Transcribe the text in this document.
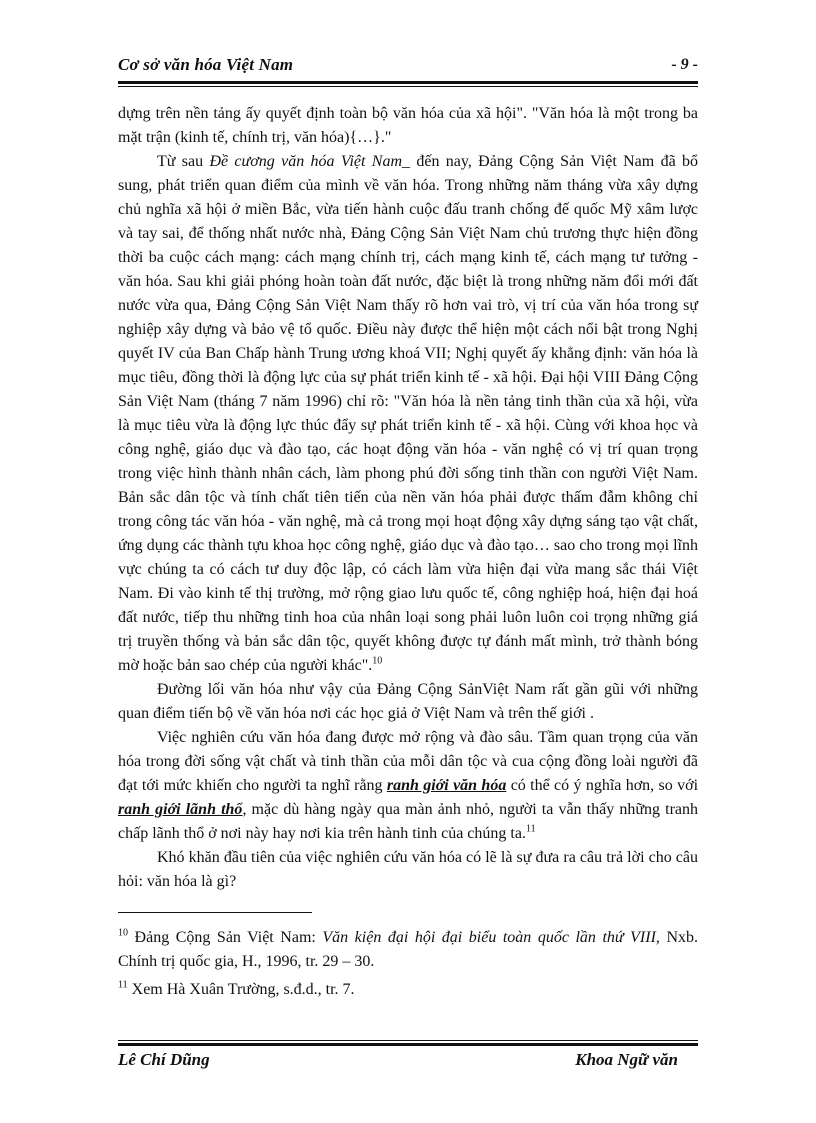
Cơ sở văn hóa Việt Nam	- 9 -

dựng trên nền tảng ấy quyết định toàn bộ văn hóa của xã hội". "Văn hóa là một trong ba mặt trận (kinh tế, chính trị, văn hóa){…}."

Từ sau Đề cương văn hóa Việt Nam_ đến nay, Đảng Cộng Sản Việt Nam đã bổ sung, phát triển quan điểm của mình về văn hóa. Trong những năm tháng vừa xây dựng chủ nghĩa xã hội ở miền Bắc, vừa tiến hành cuộc đấu tranh chống đế quốc Mỹ xâm lược và tay sai, để thống nhất nước nhà, Đảng Cộng Sản Việt Nam chủ trương thực hiện đồng thời ba cuộc cách mạng: cách mạng chính trị, cách mạng kinh tế, cách mạng tư tưởng - văn hóa. Sau khi giải phóng hoàn toàn đất nước, đặc biệt là trong những năm đổi mới đất nước vừa qua, Đảng Cộng Sản Việt Nam thấy rõ hơn vai trò, vị trí của văn hóa trong sự nghiệp xây dựng và bảo vệ tổ quốc. Điều này được thể hiện một cách nổi bật trong Nghị quyết IV của Ban Chấp hành Trung ương khoá VII; Nghị quyết ấy khẳng định: văn hóa là mục tiêu, đồng thời là động lực của sự phát triển kinh tế - xã hội. Đại hội VIII Đảng Cộng Sản Việt Nam (tháng 7 năm 1996) chỉ rõ: "Văn hóa là nền tảng tinh thần của xã hội, vừa là mục tiêu vừa là động lực thúc đẩy sự phát triển kinh tế - xã hội. Cùng với khoa học và công nghệ, giáo dục và đào tạo, các hoạt động văn hóa - văn nghệ có vị trí quan trọng trong việc hình thành nhân cách, làm phong phú đời sống tinh thần con người Việt Nam. Bản sắc dân tộc và tính chất tiên tiến của nền văn hóa phải được thấm đẫm không chỉ trong công tác văn hóa - văn nghệ, mà cả trong mọi hoạt động xây dựng sáng tạo vật chất, ứng dụng các thành tựu khoa học công nghệ, giáo dục và đào tạo… sao cho trong mọi lĩnh vực chúng ta có cách tư duy độc lập, có cách làm vừa hiện đại vừa mang sắc thái Việt Nam. Đi vào kinh tế thị trường, mở rộng giao lưu quốc tế, công nghiệp hoá, hiện đại hoá đất nước, tiếp thu những tinh hoa của nhân loại song phải luôn luôn coi trọng những giá trị truyền thống và bản sắc dân tộc, quyết không được tự đánh mất mình, trở thành bóng mờ hoặc bản sao chép của người khác".$^{10}$

Đường lối văn hóa như vậy của Đảng Cộng SảnViệt Nam rất gần gũi với những quan điểm tiến bộ về văn hóa nơi các học giả ở Việt Nam và trên thế giới .

Việc nghiên cứu văn hóa đang được mở rộng và đào sâu. Tầm quan trọng của văn hóa trong đời sống vật chất và tinh thần của mỗi dân tộc và cua cộng đồng loài người đã đạt tới mức khiến cho người ta nghĩ rằng ranh giới văn hóa có thể có ý nghĩa hơn, so với ranh giới lãnh thổ, mặc dù hàng ngày qua màn ảnh nhỏ, người ta vẫn thấy những tranh chấp lãnh thổ ở nơi này hay nơi kia trên hành tinh của chúng ta.$^{11}$

Khó khăn đầu tiên của việc nghiên cứu văn hóa có lẽ là sự đưa ra câu trả lời cho câu hỏi: văn hóa là gì?

$^{10}$ Đảng Cộng Sản Việt Nam: Văn kiện đại hội đại biểu toàn quốc lần thứ VIII, Nxb. Chính trị quốc gia, H., 1996, tr. 29 – 30.

$^{11}$ Xem Hà Xuân Trường, s.đ.d., tr. 7.

Lê Chí Dũng	Khoa Ngữ văn
